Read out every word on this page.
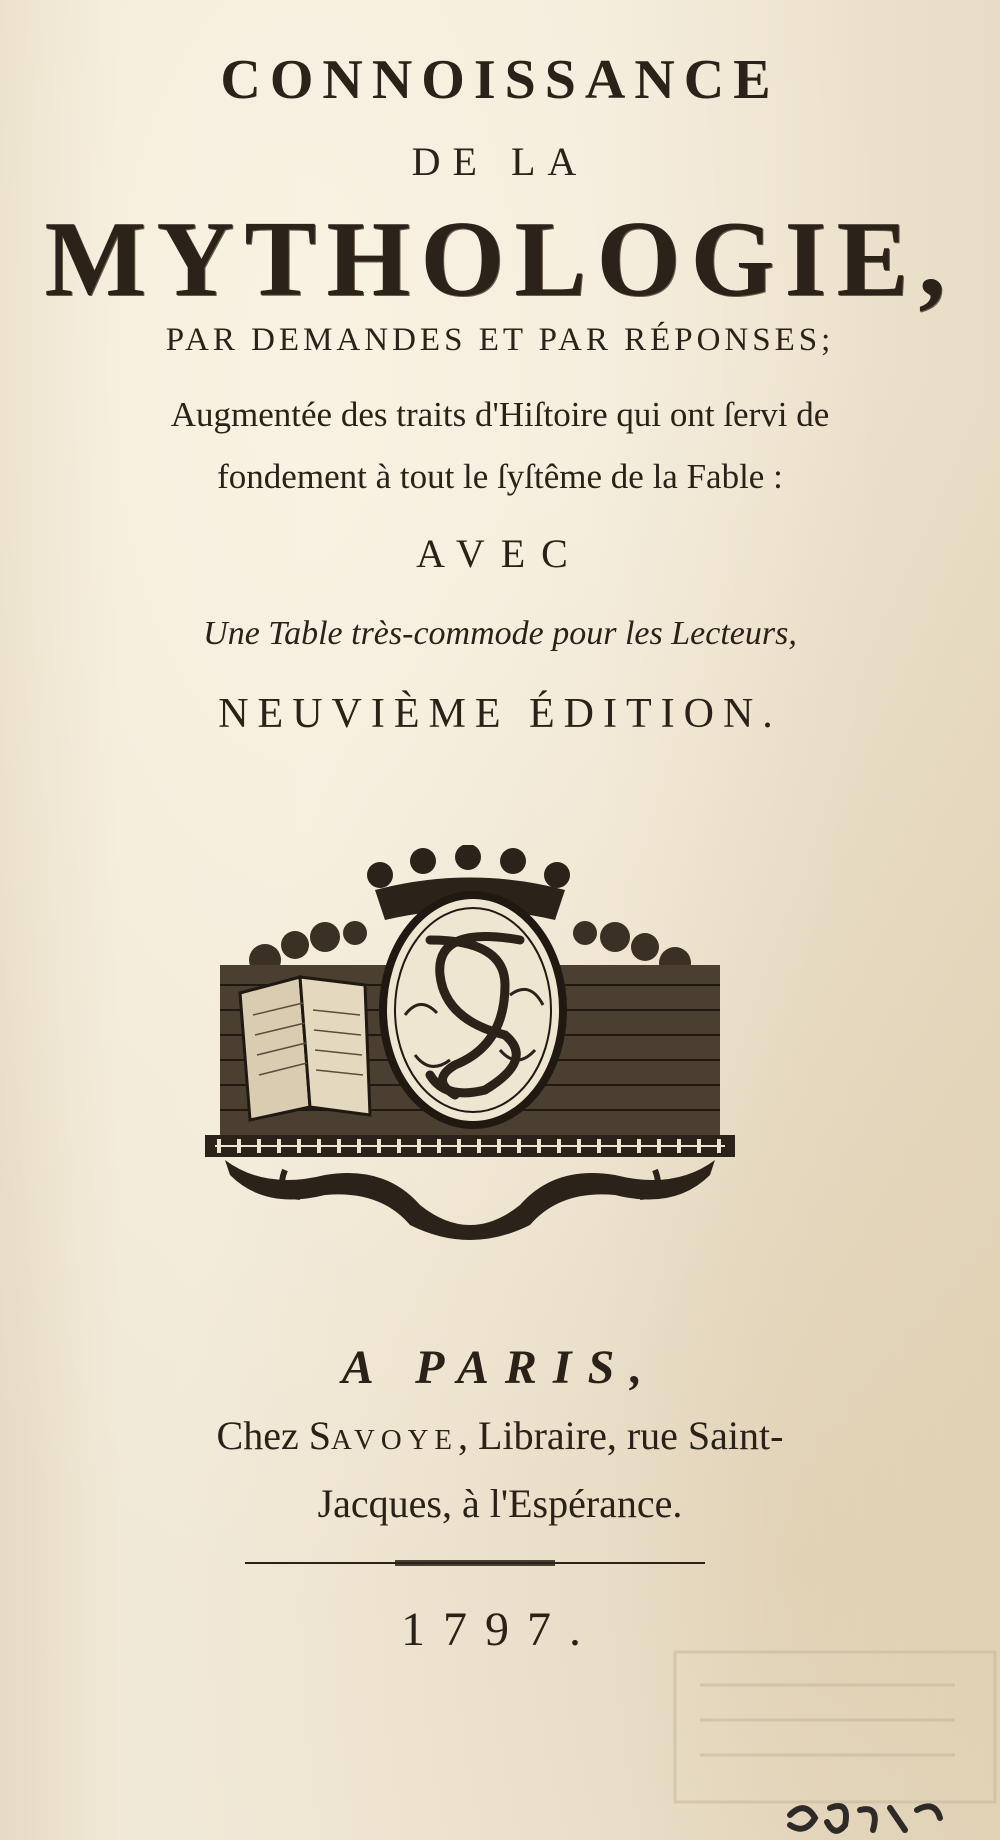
CONNOISSANCE
DE LA
MYTHOLOGIE,
PAR DEMANDES ET PAR RÉPONSES;
Augmentée des traits d'Hiſtoire qui ont ſervi de
fondement à tout le ſyſtême de la Fable :
AVEC
Une Table très-commode pour les Lecteurs,
NEUVIÈME ÉDITION.
A PARIS,
Chez SAVOYE, Libraire, rue Saint-
Jacques, à l'Espérance.
1797.
